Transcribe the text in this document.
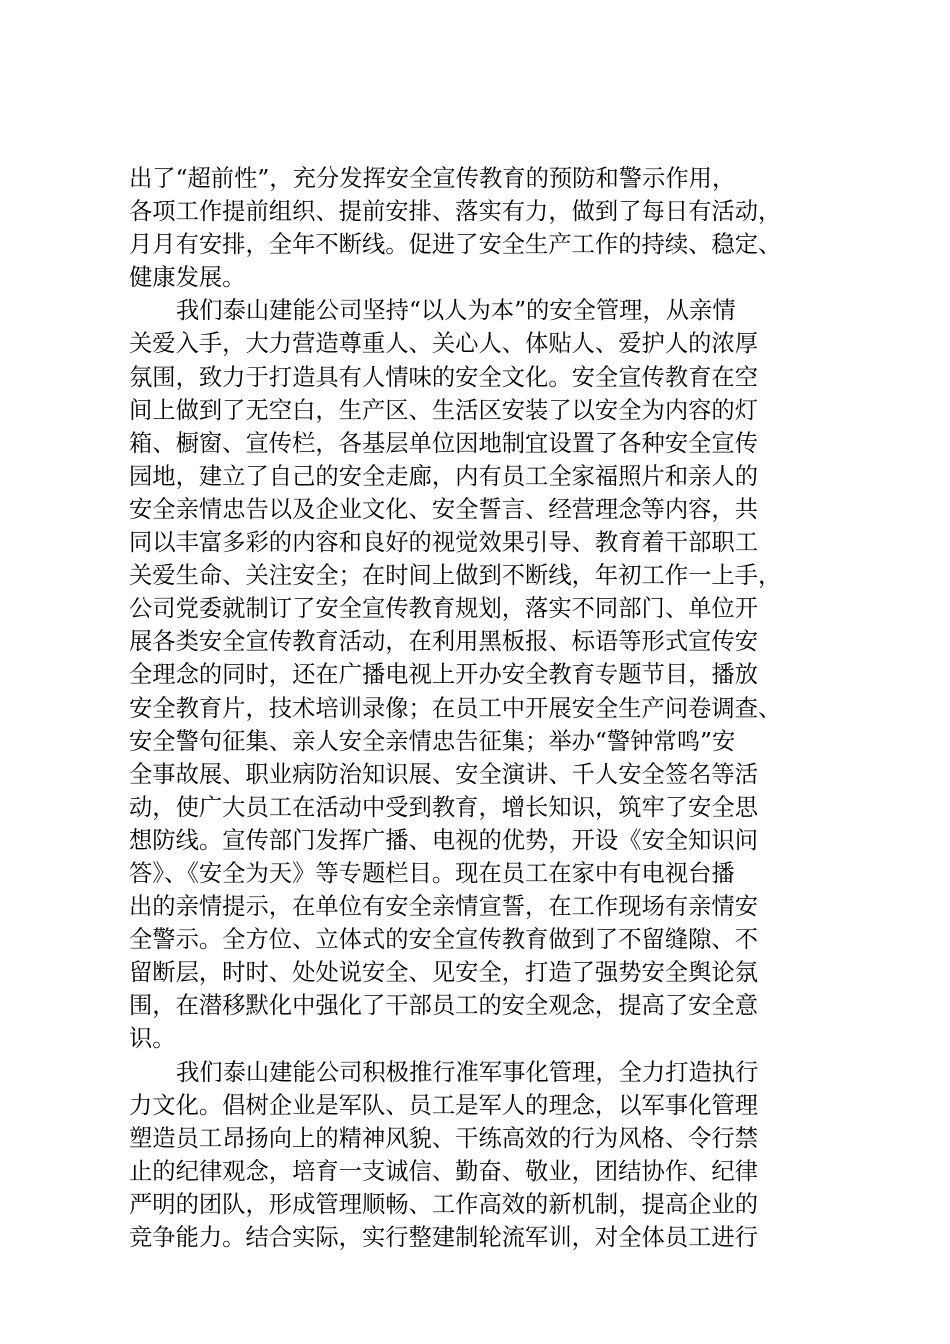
出了“超前性”，充分发挥安全宣传教育的预防和警示作用，
各项工作提前组织、提前安排、落实有力，做到了每日有活动，
月月有安排，全年不断线。促进了安全生产工作的持续、稳定、
健康发展。
我们泰山建能公司坚持“以人为本”的安全管理，从亲情
关爱入手，大力营造尊重人、关心人、体贴人、爱护人的浓厚
氛围，致力于打造具有人情味的安全文化。安全宣传教育在空
间上做到了无空白，生产区、生活区安装了以安全为内容的灯
箱、橱窗、宣传栏，各基层单位因地制宜设置了各种安全宣传
园地，建立了自己的安全走廊，内有员工全家福照片和亲人的
安全亲情忠告以及企业文化、安全誓言、经营理念等内容，共
同以丰富多彩的内容和良好的视觉效果引导、教育着干部职工
关爱生命、关注安全；在时间上做到不断线，年初工作一上手，
公司党委就制订了安全宣传教育规划，落实不同部门、单位开
展各类安全宣传教育活动，在利用黑板报、标语等形式宣传安
全理念的同时，还在广播电视上开办安全教育专题节目，播放
安全教育片，技术培训录像；在员工中开展安全生产问卷调查、
安全警句征集、亲人安全亲情忠告征集；举办“警钟常鸣”安
全事故展、职业病防治知识展、安全演讲、千人安全签名等活
动，使广大员工在活动中受到教育，增长知识，筑牢了安全思
想防线。宣传部门发挥广播、电视的优势，开设《安全知识问
答》、《安全为天》等专题栏目。现在员工在家中有电视台播
出的亲情提示，在单位有安全亲情宣誓，在工作现场有亲情安
全警示。全方位、立体式的安全宣传教育做到了不留缝隙、不
留断层，时时、处处说安全、见安全，打造了强势安全舆论氛
围，在潜移默化中强化了干部员工的安全观念，提高了安全意
识。
我们泰山建能公司积极推行准军事化管理，全力打造执行
力文化。倡树企业是军队、员工是军人的理念，以军事化管理
塑造员工昂扬向上的精神风貌、干练高效的行为风格、令行禁
止的纪律观念，培育一支诚信、勤奋、敬业，团结协作、纪律
严明的团队，形成管理顺畅、工作高效的新机制，提高企业的
竞争能力。结合实际，实行整建制轮流军训，对全体员工进行
